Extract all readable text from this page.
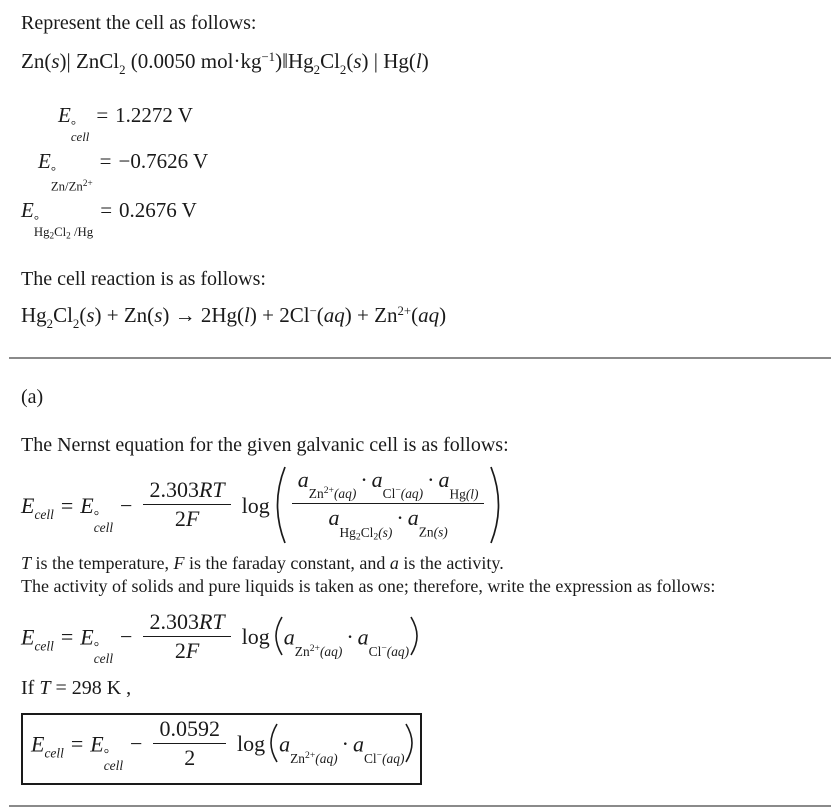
Represent the cell as follows:

Zn(s)| ZnCl$_2$ (0.0050 $mol\cdot kg^{-1})‖Hg_2Cl_2(s)$ | Hg(l)
E °
cell
= 1.2272 V
E °
$Zn/Zn^{2+}$
= −0.7626 V
E °
Hg2Cl2 /Hg
= 0.2676 V

The cell reaction is as follows:

$Hg_2Cl_2(s) + Zn(s) \to 2Hg(l) + 2Cl^-(aq) + Zn^{2+}(aq)$

(a)

The Nernst equation for the given galvanic cell is as follows:

$E_{cell} = E$ °
cell
− $\frac{2.303RT}{2F}$ $\log \frac{a_{Zn^{2+}(aq)}\cdot a_{Cl^-(aq)}\cdot a_{Hg(l)}}{a_{Hg2Cl2(s)}\cdot a_{Zn(s)}}$

T is the temperature, F is the faraday constant, and a is the activity.

The activity of solids and pure liquids is taken as one; therefore, write the expression as follows:

$E_{cell} = E$ °
cell
− $\frac{2.303RT}{2F}$ $\log a_{Zn^{2+}(aq)}\cdot a_{Cl^-(aq)}$

If T = 298 K ,

$E_{cell} = E$ °
cell
− $\frac{0.0592}{2}$ $\log a_{Zn^{2+}(aq)}\cdot a_{Cl^-(aq)}$
